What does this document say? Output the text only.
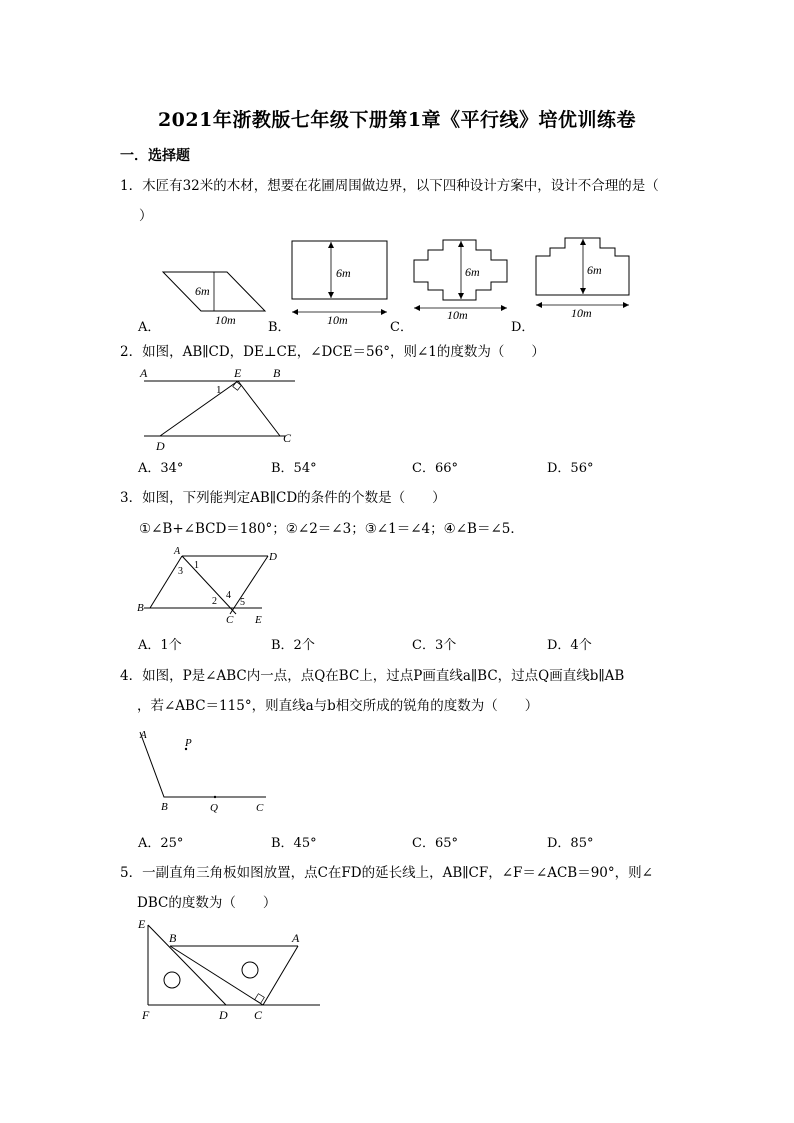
2021年浙教版七年级下册第1章《平行线》培优训练卷
一．选择题
1．木匠有32米的木材，想要在花圃周围做边界，以下四种设计方案中，设计不合理的是（
）
6m
10m
6m
10m
6m
10m
6m
10m
A．	B．	C．	D．
2．如图，AB∥CD，DE⊥CE，∠DCE＝56°，则∠1的度数为（　　）
A	E	B
1
D
C
A．34°	B．54°	C．66°	D．56°
3．如图，下列能判定AB∥CD的条件的个数是（　　）
①∠B+∠BCD＝180°；②∠2＝∠3；③∠1＝∠4；④∠B＝∠5．
A	D
1
3
2
4
5
B
C E
A．1个	B．2个	C．3个	D．4个
4．如图，P是∠ABC内一点，点Q在BC上，过点P画直线a∥BC，过点Q画直线b∥AB
，若∠ABC＝115°，则直线a与b相交所成的锐角的度数为（　　）
A
P
B	Q	C
A．25°	B．45°	C．65°	D．85°
5．一副直角三角板如图放置，点C在FD的延长线上，AB∥CF，∠F＝∠ACB＝90°，则∠
DBC的度数为（　　）
E
B	A
F	D C
